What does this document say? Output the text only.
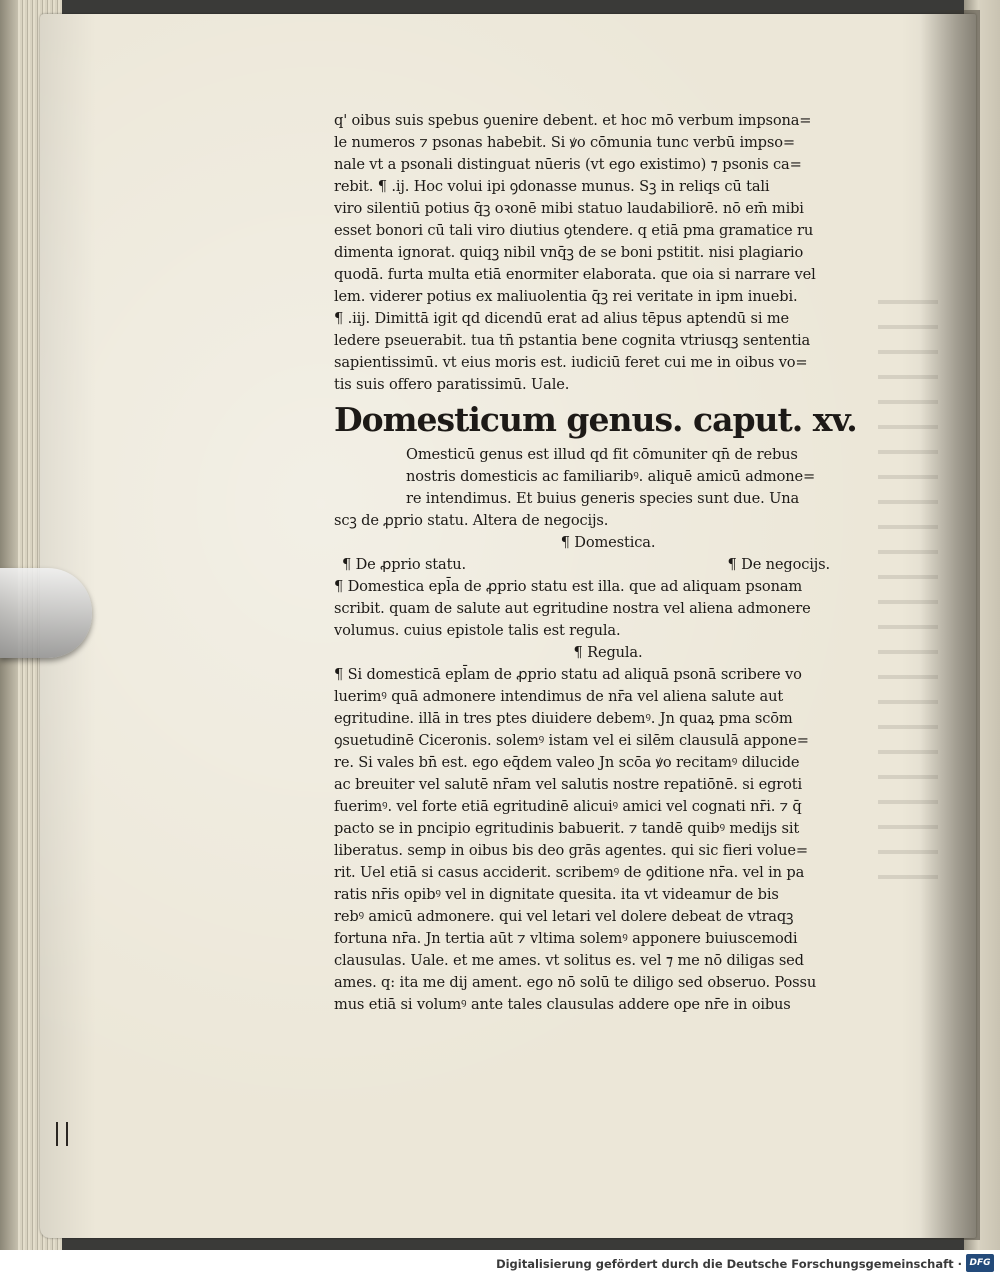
q' oibus suis spebus ꝯuenire debent. et hoc mō verbum impsona=
le numeros ⁊ psonas habebit. Si ꝟo cōmunia tunc verbū impso=
nale vt a psonali distinguat nūeris (vt ego existimo) ⁊ psonis ca=
rebit. ¶ .ij. Hoc volui ipi ꝯdonasse munus. Sꝫ in reliqs cū tali
viro silentiū potius q̄ꝫ oꝛonē mibi statuo laudabiliorē. nō em̄ mibi
esset bonori cū tali viro diutius ꝯtendere. q etiā pma gramatice ru
dimenta ignorat. quiqꝫ nibil vnq̄ꝫ de se boni pstitit. nisi plagiario
quodā. furta multa etiā enormiter elaborata. que oia si narrare vel
lem. viderer potius ex maliuolentia q̄ꝫ rei veritate in ipm inuebi.
¶ .iij. Dimittā igit qd dicendū erat ad alius tēpus aptendū si me
ledere pseuerabit. tua tn̄ pstantia bene cognita vtriusqꝫ sententia
sapientissimū. vt eius moris est. iudiciū feret cui me in oibus vo=
tis suis offero paratissimū. Uale.
Domesticum genus. caput. xv.
Omesticū genus est illud qd fit cōmuniter qn̄ de rebus
nostris domesticis ac familiaribꝰ. aliquē amicū admone=
re intendimus. Et buius generis species sunt due. Una
scꝫ de ꝓprio statu. Altera de negocijs.
¶ Domestica.
¶ De ꝓprio statu.	¶ De negocijs.
¶ Domestica epl̄a de ꝓprio statu est illa. que ad aliquam psonam
scribit. quam de salute aut egritudine nostra vel aliena admonere
volumus. cuius epistole talis est regula.
¶ Regula.
¶ Si domesticā epl̄am de ꝓprio statu ad aliquā psonā scribere vo
luerimꝰ quā admonere intendimus de nr̄a vel aliena salute aut
egritudine. illā in tres ptes diuidere debemꝰ. Jn quaꝝ pma scōm
ꝯsuetudinē Ciceronis. solemꝰ istam vel ei silēm clausulā appone=
re. Si vales bn̄ est. ego eq̄dem valeo Jn scōa ꝟo recitamꝰ dilucide
ac breuiter vel salutē nr̄am vel salutis nostre repatiōnē. si egroti
fuerimꝰ. vel forte etiā egritudinē alicuiꝰ amici vel cognati nr̄i. ⁊ q̄
pacto se in pncipio egritudinis babuerit. ⁊ tandē quibꝰ medijs sit
liberatus. semp in oibus bis deo grās agentes. qui sic fieri volue=
rit. Uel etiā si casus acciderit. scribemꝰ de ꝯditione nr̄a. vel in pa
ratis nr̄is opibꝰ vel in dignitate quesita. ita vt videamur de bis
rebꝰ amicū admonere. qui vel letari vel dolere debeat de vtraqꝫ
fortuna nr̄a. Jn tertia aūt ⁊ vltima solemꝰ apponere buiuscemodi
clausulas. Uale. et me ames. vt solitus es. vel ⁊ me nō diligas sed
ames. q: ita me dij ament. ego nō solū te diligo sed obseruo. Possu
mus etiā si volumꝰ ante tales clausulas addere ope nr̄e in oibus
Digitalisierung gefördert durch die Deutsche Forschungsgemeinschaft · DFG
